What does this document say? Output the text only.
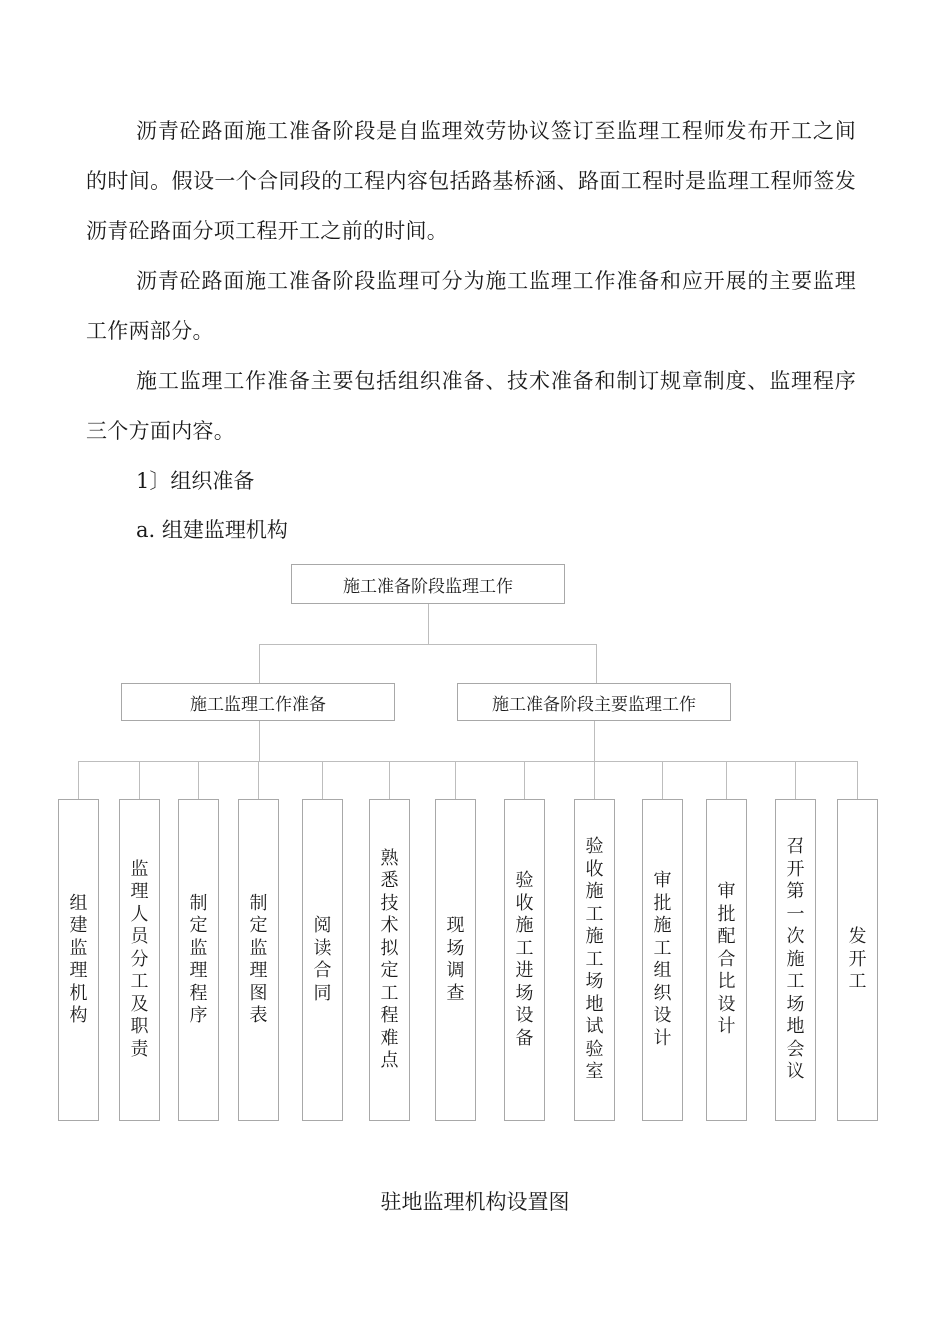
沥青砼路面施工准备阶段是自监理效劳协议签订至监理工程师发布开工之间的时间。假设一个合同段的工程内容包括路基桥涵、路面工程时是监理工程师签发沥青砼路面分项工程开工之前的时间。

沥青砼路面施工准备阶段监理可分为施工监理工作准备和应开展的主要监理工作两部分。

施工监理工作准备主要包括组织准备、技术准备和制订规章制度、监理程序三个方面内容。

1〕组织准备

a. 组建监理机构

施工准备阶段监理工作
施工监理工作准备	施工准备阶段主要监理工作
组建监理机构
监理人员分工及职责
制定监理程序
制定监理图表
阅读合同
熟悉技术拟定工程难点
现场调查
验收施工进场设备
验收施工施工场地试验室
审批施工组织设计
审批配合比设计
召开第一次施工场地会议
发开工
驻地监理机构设置图
